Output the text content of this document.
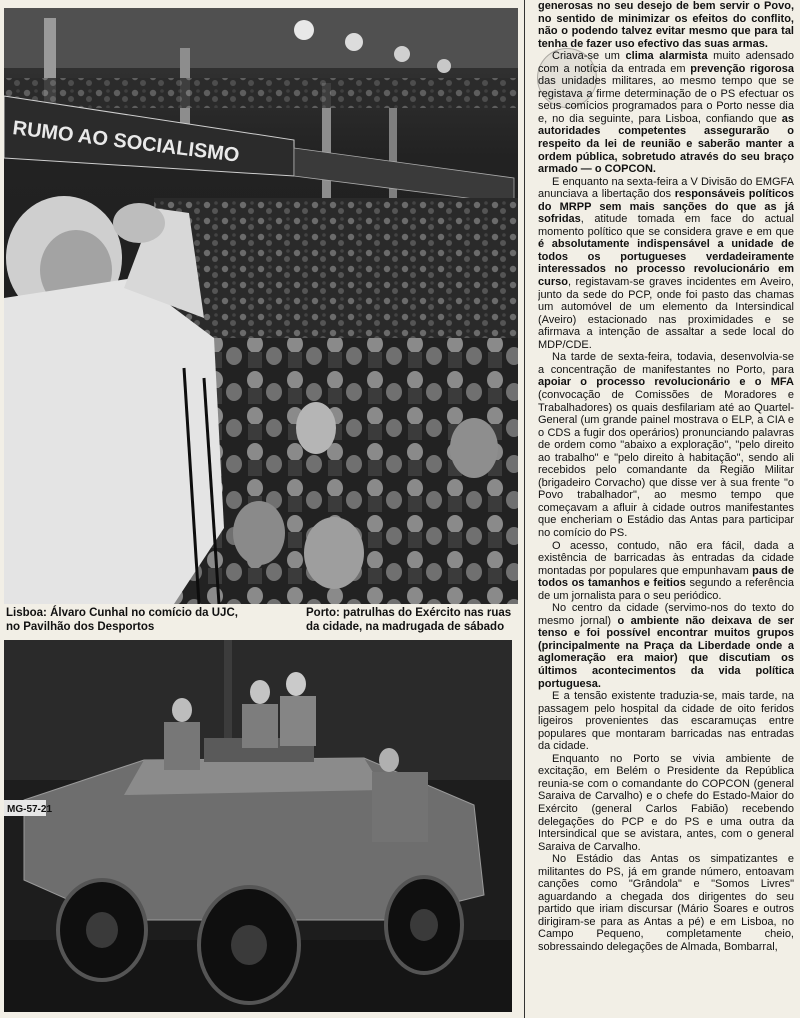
RUMO AO SOCIALISMO
Lisboa: Álvaro Cunhal no comício da UJC, no Pavilhão dos Desportos
Porto: patrulhas do Exército nas ruas da cidade, na madrugada de sábado
MG-57-21

generosas no seu desejo de bem servir o Povo, no sentido de minimizar os efeitos do conflito, não o podendo talvez evitar mesmo que para tal tenha de fazer uso efectivo das suas armas.

Criava-se um clima alarmista muito adensado com a notícia da entrada em prevenção rigorosa das unidades militares, ao mesmo tempo que se registava a firme determinação de o PS efectuar os seus comícios programados para o Porto nesse dia e, no dia seguinte, para Lisboa, confiando que as autoridades competentes assegurarão o respeito da lei de reunião e saberão manter a ordem pública, sobretudo através do seu braço armado — o COPCON.

E enquanto na sexta-feira a V Divisão do EMGFA anunciava a libertação dos responsáveis políticos do MRPP sem mais sanções do que as já sofridas, atitude tomada em face do actual momento político que se considera grave e em que é absolutamente indispensável a unidade de todos os portugueses verdadeiramente interessados no processo revolucionário em curso, registavam-se graves incidentes em Aveiro, junto da sede do PCP, onde foi pasto das chamas um automóvel de um elemento da Intersindical (Aveiro) estacionado nas proximidades e se afirmava a intenção de assaltar a sede local do MDP/CDE.

Na tarde de sexta-feira, todavia, desenvolvia-se a concentração de manifestantes no Porto, para apoiar o processo revolucionário e o MFA (convocação de Comissões de Moradores e Trabalhadores) os quais desfilariam até ao Quartel-General (um grande painel mostrava o ELP, a CIA e o CDS a fugir dos operários) pronunciando palavras de ordem como "abaixo a exploração", "pelo direito ao trabalho" e "pelo direito à habitação", sendo ali recebidos pelo comandante da Região Militar (brigadeiro Corvacho) que disse ver à sua frente "o Povo trabalhador", ao mesmo tempo que começavam a afluir à cidade outros manifestantes que encheriam o Estádio das Antas para participar no comício do PS.

O acesso, contudo, não era fácil, dada a existência de barricadas às entradas da cidade montadas por populares que empunhavam paus de todos os tamanhos e feitios segundo a referência de um jornalista para o seu periódico.

No centro da cidade (servimo-nos do texto do mesmo jornal) o ambiente não deixava de ser tenso e foi possível encontrar muitos grupos (principalmente na Praça da Liberdade onde a aglomeração era maior) que discutiam os últimos acontecimentos da vida política portuguesa.

E a tensão existente traduzia-se, mais tarde, na passagem pelo hospital da cidade de oito feridos ligeiros provenientes das escaramuças entre populares que montaram barricadas nas entradas da cidade.

Enquanto no Porto se vivia ambiente de excitação, em Belém o Presidente da República reunia-se com o comandante do COPCON (general Saraiva de Carvalho) e o chefe do Estado-Maior do Exército (general Carlos Fabião) recebendo delegações do PCP e do PS e uma outra da Intersindical que se avistara, antes, com o general Saraiva de Carvalho.

No Estádio das Antas os simpatizantes e militantes do PS, já em grande número, entoavam canções como "Grândola" e "Somos Livres" aguardando a chegada dos dirigentes do seu partido que iriam discursar (Mário Soares e outros dirigiram-se para as Antas a pé) e em Lisboa, no Campo Pequeno, completamente cheio, sobressaindo delegações de Almada, Bombarral,
